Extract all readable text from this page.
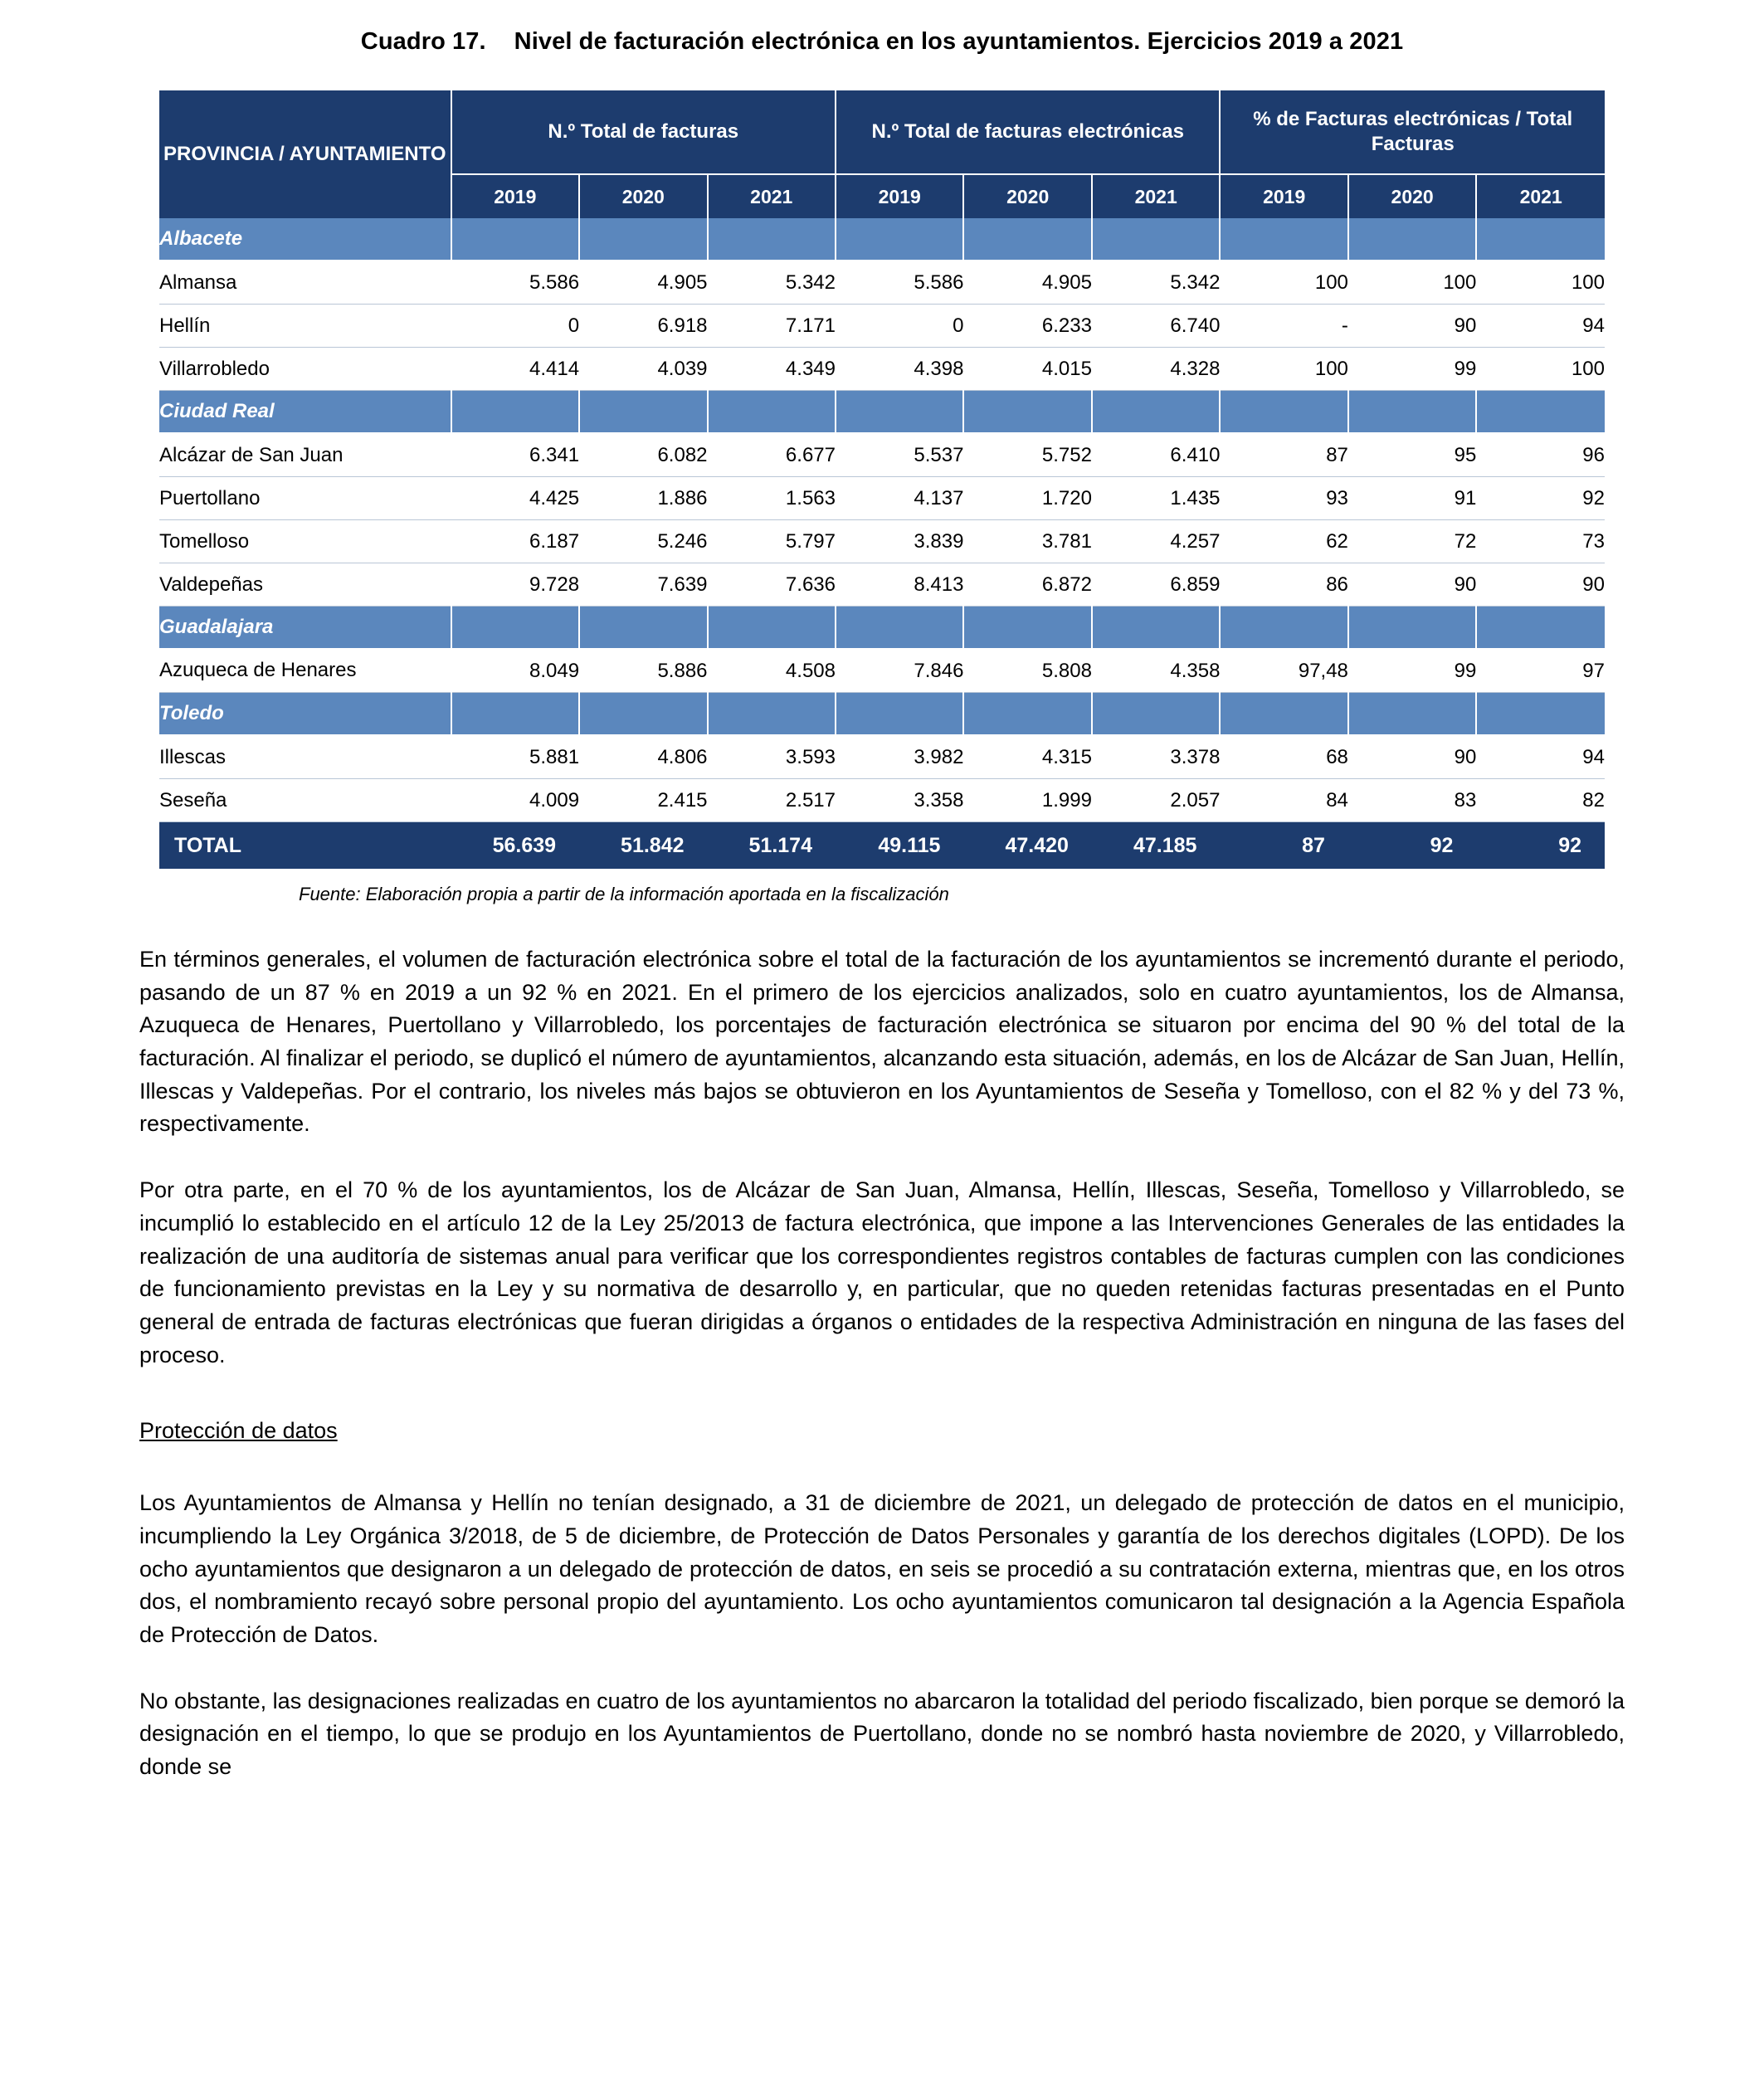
Cuadro 17. Nivel de facturación electrónica en los ayuntamientos. Ejercicios 2019 a 2021
PROVINCIA / AYUNTAMIENTO	N.º Total de facturas			N.º Total de facturas electrónicas			% de Facturas electrónicas / Total Facturas		
	2019	2020	2021	2019	2020	2021	2019	2020	2021
Albacete									
Almansa	5.586	4.905	5.342	5.586	4.905	5.342	100	100	100
Hellín	0	6.918	7.171	0	6.233	6.740	-	90	94
Villarrobledo	4.414	4.039	4.349	4.398	4.015	4.328	100	99	100
Ciudad Real									
Alcázar de San Juan	6.341	6.082	6.677	5.537	5.752	6.410	87	95	96
Puertollano	4.425	1.886	1.563	4.137	1.720	1.435	93	91	92
Tomelloso	6.187	5.246	5.797	3.839	3.781	4.257	62	72	73
Valdepeñas	9.728	7.639	7.636	8.413	6.872	6.859	86	90	90
Guadalajara									
Azuqueca de Henares	8.049	5.886	4.508	7.846	5.808	4.358	97,48	99	97
Toledo									
Illescas	5.881	4.806	3.593	3.982	4.315	3.378	68	90	94
Seseña	4.009	2.415	2.517	3.358	1.999	2.057	84	83	82
TOTAL	56.639	51.842	51.174	49.115	47.420	47.185	87	92	92
Fuente: Elaboración propia a partir de la información aportada en la fiscalización

En términos generales, el volumen de facturación electrónica sobre el total de la facturación de los ayuntamientos se incrementó durante el periodo, pasando de un 87 % en 2019 a un 92 % en 2021. En el primero de los ejercicios analizados, solo en cuatro ayuntamientos, los de Almansa, Azuqueca de Henares, Puertollano y Villarrobledo, los porcentajes de facturación electrónica se situaron por encima del 90 % del total de la facturación. Al finalizar el periodo, se duplicó el número de ayuntamientos, alcanzando esta situación, además, en los de Alcázar de San Juan, Hellín, Illescas y Valdepeñas. Por el contrario, los niveles más bajos se obtuvieron en los Ayuntamientos de Seseña y Tomelloso, con el 82 % y del 73 %, respectivamente.

Por otra parte, en el 70 % de los ayuntamientos, los de Alcázar de San Juan, Almansa, Hellín, Illescas, Seseña, Tomelloso y Villarrobledo, se incumplió lo establecido en el artículo 12 de la Ley 25/2013 de factura electrónica, que impone a las Intervenciones Generales de las entidades la realización de una auditoría de sistemas anual para verificar que los correspondientes registros contables de facturas cumplen con las condiciones de funcionamiento previstas en la Ley y su normativa de desarrollo y, en particular, que no queden retenidas facturas presentadas en el Punto general de entrada de facturas electrónicas que fueran dirigidas a órganos o entidades de la respectiva Administración en ninguna de las fases del proceso.

Protección de datos

Los Ayuntamientos de Almansa y Hellín no tenían designado, a 31 de diciembre de 2021, un delegado de protección de datos en el municipio, incumpliendo la Ley Orgánica 3/2018, de 5 de diciembre, de Protección de Datos Personales y garantía de los derechos digitales (LOPD). De los ocho ayuntamientos que designaron a un delegado de protección de datos, en seis se procedió a su contratación externa, mientras que, en los otros dos, el nombramiento recayó sobre personal propio del ayuntamiento. Los ocho ayuntamientos comunicaron tal designación a la Agencia Española de Protección de Datos.

No obstante, las designaciones realizadas en cuatro de los ayuntamientos no abarcaron la totalidad del periodo fiscalizado, bien porque se demoró la designación en el tiempo, lo que se produjo en los Ayuntamientos de Puertollano, donde no se nombró hasta noviembre de 2020, y Villarrobledo, donde se
